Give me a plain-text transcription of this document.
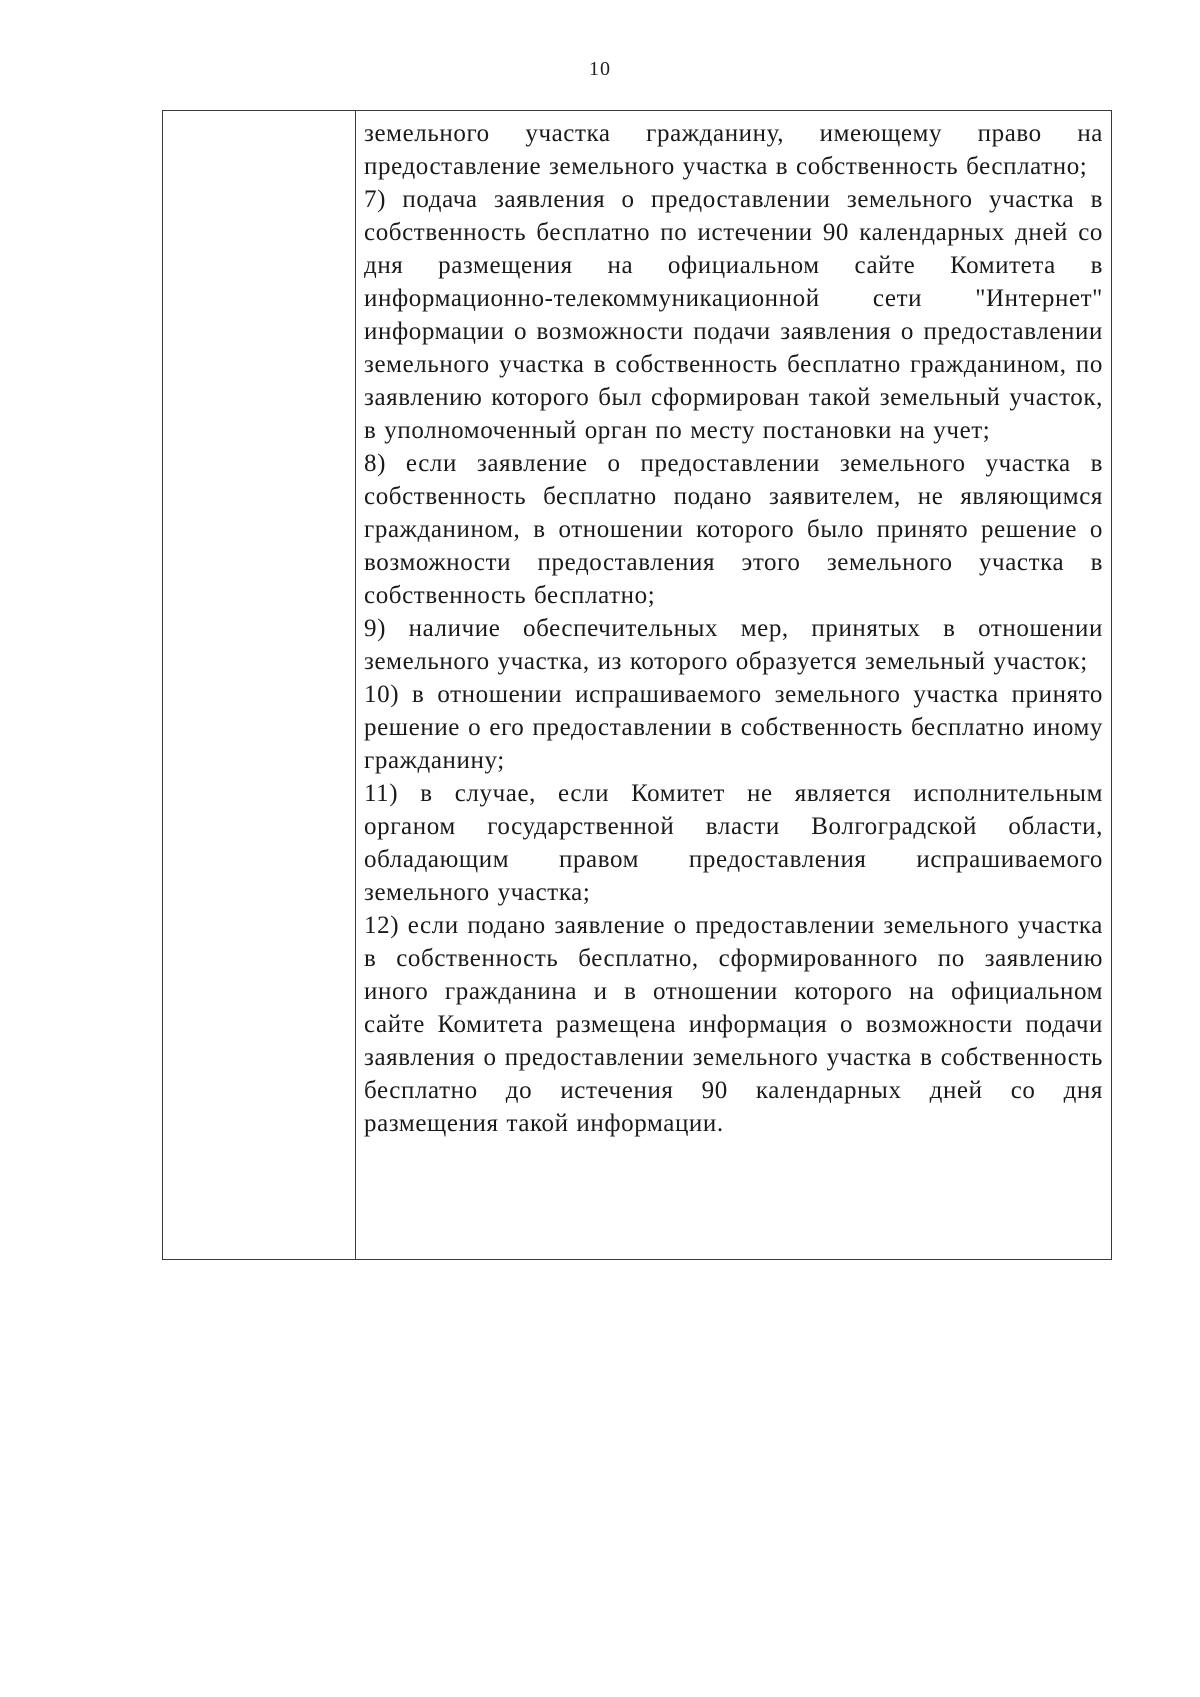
10

земельного участка гражданину, имеющему право на предоставление земельного участка в собственность бесплатно;

7) подача заявления о предоставлении земельного участка в собственность бесплатно по истечении 90 календарных дней со дня размещения на официальном сайте Комитета в информационно-телекоммуникационной сети "Интернет" информации о возможности подачи заявления о предоставлении земельного участка в собственность бесплатно гражданином, по заявлению которого был сформирован такой земельный участок, в уполномоченный орган по месту постановки на учет;

8) если заявление о предоставлении земельного участка в собственность бесплатно подано заявителем, не являющимся гражданином, в отношении которого было принято решение о возможности предоставления этого земельного участка в собственность бесплатно;

9) наличие обеспечительных мер, принятых в отношении земельного участка, из которого образуется земельный участок;

10) в отношении испрашиваемого земельного участка принято решение о его предоставлении в собственность бесплатно иному гражданину;

11) в случае, если Комитет не является исполнительным органом государственной власти Волгоградской области, обладающим правом предоставления испрашиваемого земельного участка;

12) если подано заявление о предоставлении земельного участка в собственность бесплатно, сформированного по заявлению иного гражданина и в отношении которого на официальном сайте Комитета размещена информация о возможности подачи заявления о предоставлении земельного участка в собственность бесплатно до истечения 90 календарных дней со дня размещения такой информации.
